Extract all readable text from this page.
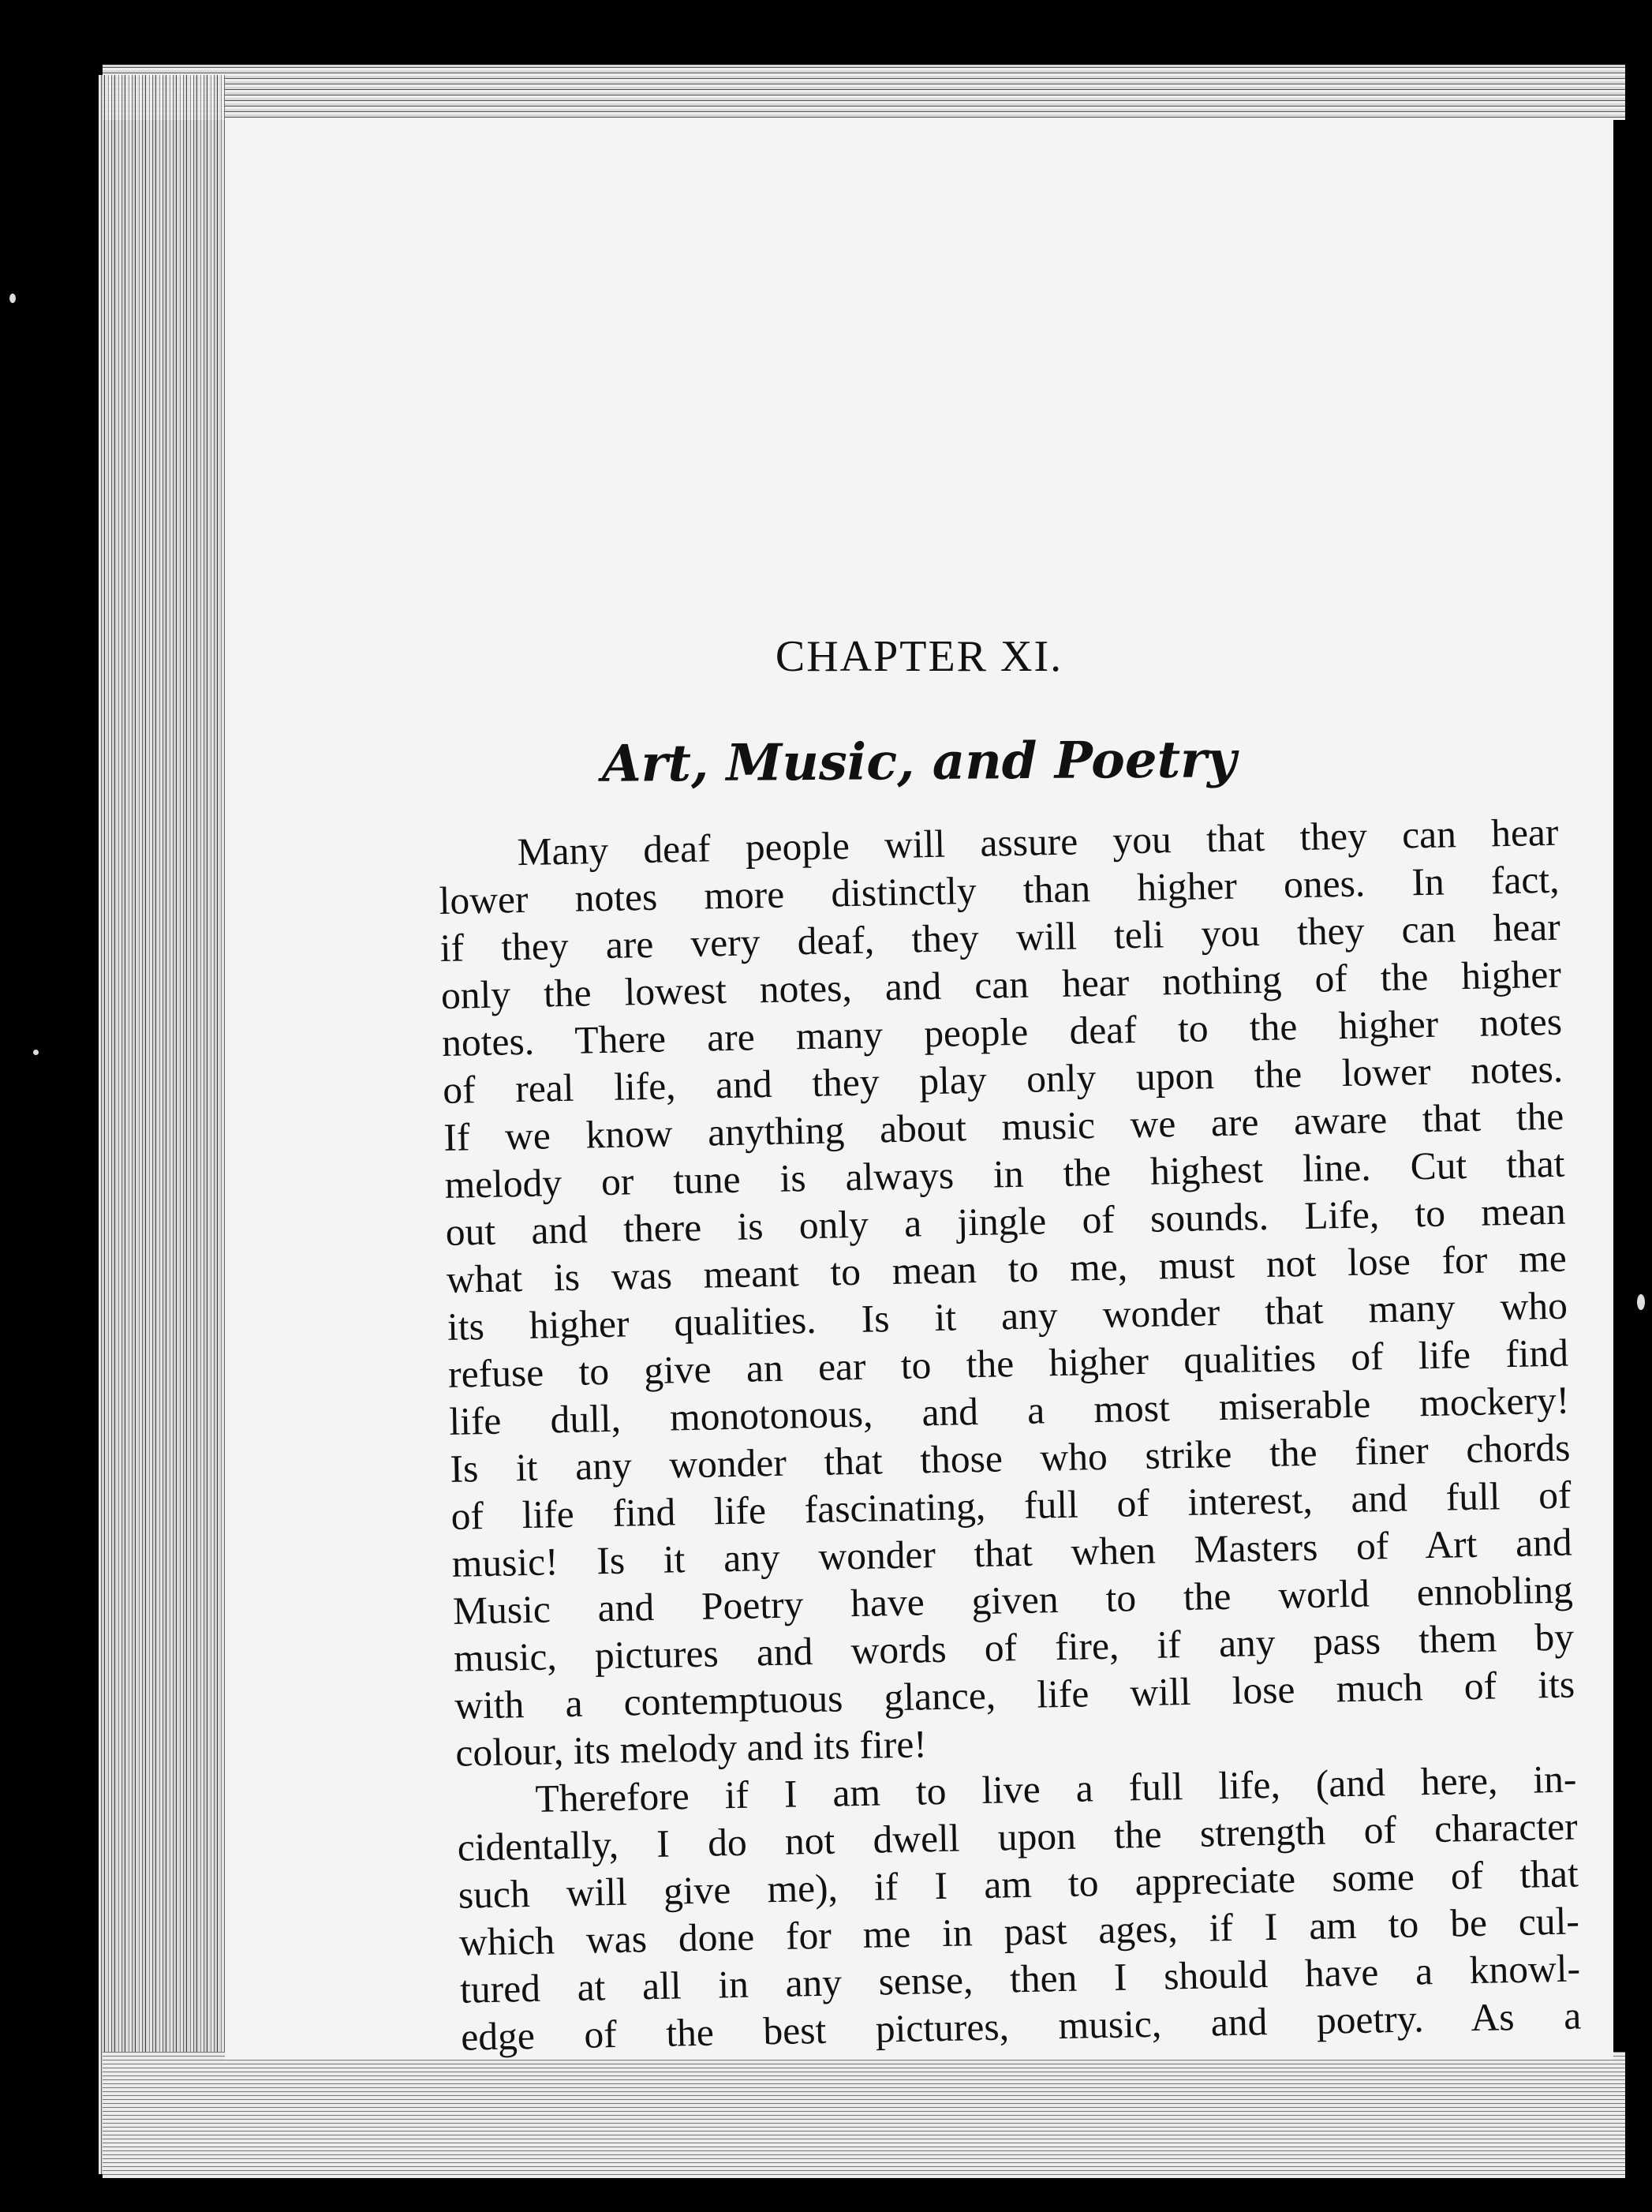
CHAPTER XI.
Art, Music, and Poetry
Many deaf people will assure you that they can hear
lower notes more distinctly than higher ones. In fact,
if they are very deaf, they will teli you they can hear
only the lowest notes, and can hear nothing of the higher
notes. There are many people deaf to the higher notes
of real life, and they play only upon the lower notes.
If we know anything about music we are aware that the
melody or tune is always in the highest line. Cut that
out and there is only a jingle of sounds. Life, to mean
what is was meant to mean to me, must not lose for me
its higher qualities. Is it any wonder that many who
refuse to give an ear to the higher qualities of life find
life dull, monotonous, and a most miserable mockery!
Is it any wonder that those who strike the finer chords
of life find life fascinating, full of interest, and full of
music! Is it any wonder that when Masters of Art and
Music and Poetry have given to the world ennobling
music, pictures and words of fire, if any pass them by
with a contemptuous glance, life will lose much of its
colour, its melody and its fire!
Therefore if I am to live a full life, (and here, in-
cidentally, I do not dwell upon the strength of character
such will give me), if I am to appreciate some of that
which was done for me in past ages, if I am to be cul-
tured at all in any sense, then I should have a knowl-
edge of the best pictures, music, and poetry. As a
